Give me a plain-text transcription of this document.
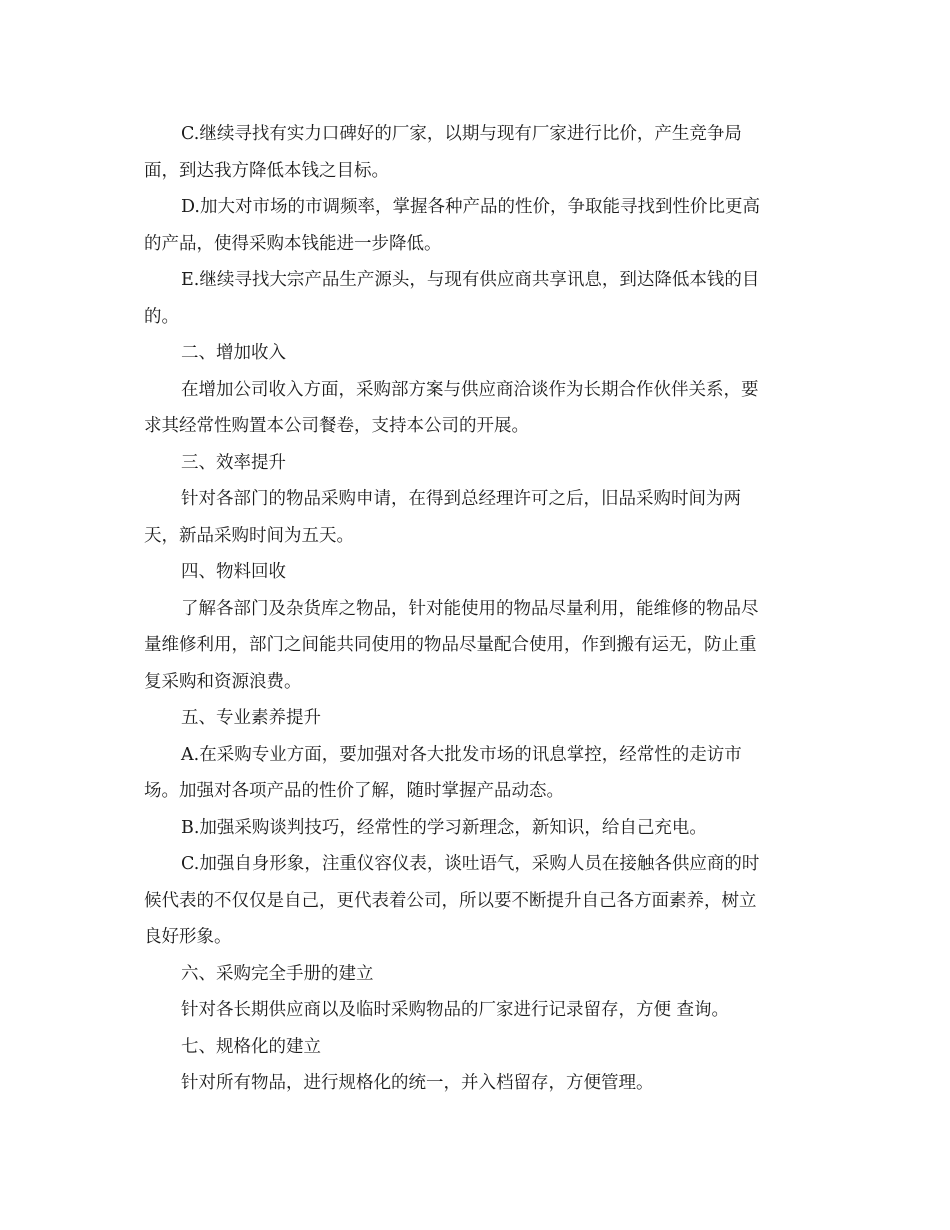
C.继续寻找有实力口碑好的厂家，以期与现有厂家进行比价，产生竞争局

面，到达我方降低本钱之目标。

D.加大对市场的市调频率，掌握各种产品的性价，争取能寻找到性价比更高

的产品，使得采购本钱能进一步降低。

E.继续寻找大宗产品生产源头，与现有供应商共享讯息，到达降低本钱的目

的。

二、增加收入

在增加公司收入方面，采购部方案与供应商洽谈作为长期合作伙伴关系，要

求其经常性购置本公司餐卷，支持本公司的开展。

三、效率提升

针对各部门的物品采购申请，在得到总经理许可之后，旧品采购时间为两

天，新品采购时间为五天。

四、物料回收

了解各部门及杂货库之物品，针对能使用的物品尽量利用，能维修的物品尽

量维修利用，部门之间能共同使用的物品尽量配合使用，作到搬有运无，防止重

复采购和资源浪费。

五、专业素养提升

A.在采购专业方面，要加强对各大批发市场的讯息掌控，经常性的走访市

场。加强对各项产品的性价了解，随时掌握产品动态。

B.加强采购谈判技巧，经常性的学习新理念，新知识，给自己充电。

C.加强自身形象，注重仪容仪表，谈吐语气，采购人员在接触各供应商的时

候代表的不仅仅是自己，更代表着公司，所以要不断提升自己各方面素养，树立

良好形象。

六、采购完全手册的建立

针对各长期供应商以及临时采购物品的厂家进行记录留存，方便 查询。

七、规格化的建立

针对所有物品，进行规格化的统一，并入档留存，方便管理。
